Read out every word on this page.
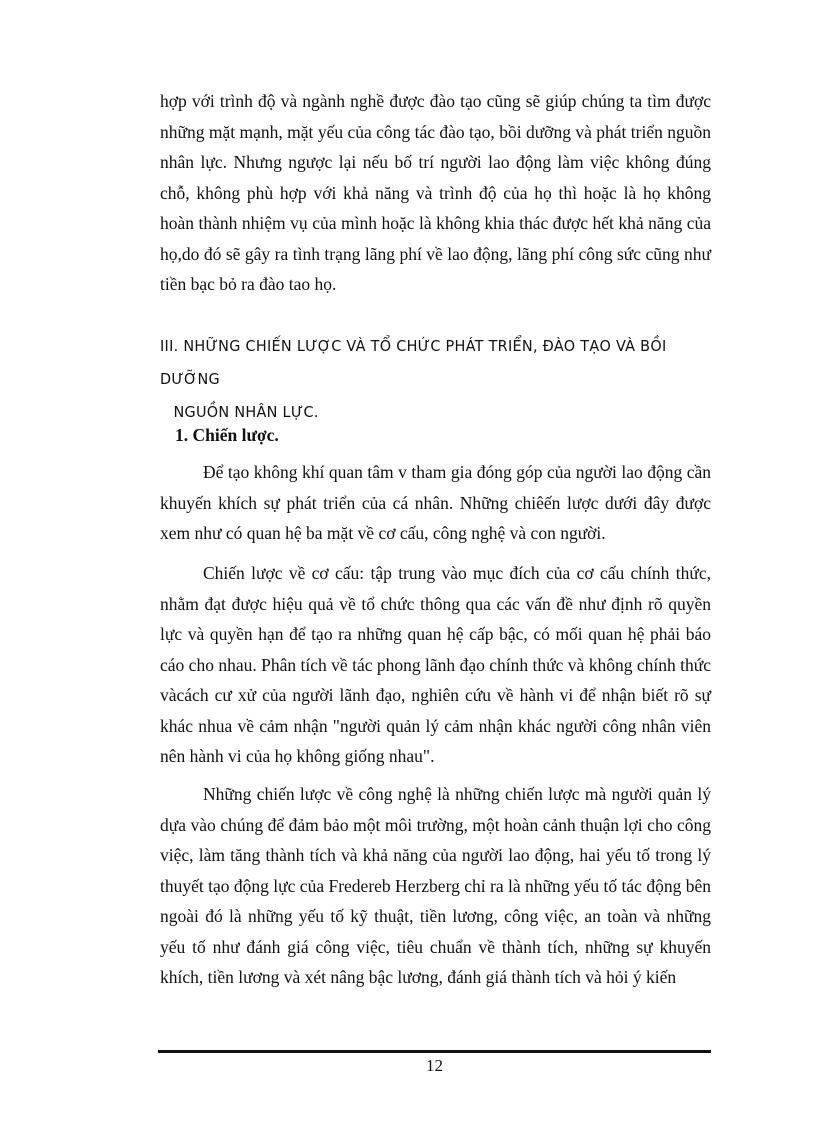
hợp với trình độ và ngành nghề được đào tạo cũng sẽ giúp chúng ta tìm được những mặt mạnh, mặt yếu của công tác đào tạo, bồi dưỡng và phát triển nguồn nhân lực. Nhưng ngược lại nếu bố trí người lao động làm việc không đúng chỗ, không phù hợp với khả năng và trình độ của họ thì hoặc là họ không hoàn thành nhiệm vụ của mình hoặc là không khia thác được hết khả năng của họ,do đó sẽ gây ra tình trạng lãng phí về lao động, lãng phí công sức cũng như tiền bạc bỏ ra đào tao họ.

III. NHỮNG CHIẾN LƯỢC VÀ TỔ CHỨC PHÁT TRIỂN, ĐÀO TẠO VÀ BỒI DƯỠNG
NGUỒN NHÂN LỰC.
1. Chiến lược.

Để tạo không khí quan tâm v tham gia đóng góp của người lao động cần khuyến khích sự phát triển của cá nhân. Những chiêến lược dưới đây được xem như có quan hệ ba mặt về cơ cấu, công nghệ và con người.

Chiến lược về cơ cấu: tập trung vào mục đích của cơ cấu chính thức, nhằm đạt được hiệu quả về tổ chức thông qua các vấn đề như định rõ quyền lực và quyền hạn để tạo ra những quan hệ cấp bậc, có mối quan hệ phải báo cáo cho nhau. Phân tích về tác phong lãnh đạo chính thức và không chính thức vàcách cư xử của người lãnh đạo, nghiên cứu về hành vi để nhận biết rõ sự khác nhua về cảm nhận "người quản lý cảm nhận khác người công nhân viên nên hành vi của họ không giống nhau".

Những chiến lược về công nghệ là những chiến lược mà người quản lý dựa vào chúng để đảm bảo một môi trường, một hoàn cảnh thuận lợi cho công việc, làm tăng thành tích và khả năng của người lao động, hai yếu tố trong lý thuyết tạo động lực của Fredereb Herzberg chỉ ra là những yếu tố tác động bên ngoài đó là những yếu tố kỹ thuật, tiền lương, công việc, an toàn và những yếu tố như đánh giá công việc, tiêu chuẩn về thành tích, những sự khuyến khích, tiền lương và xét nâng bậc lương, đánh giá thành tích và hỏi ý kiến

12
